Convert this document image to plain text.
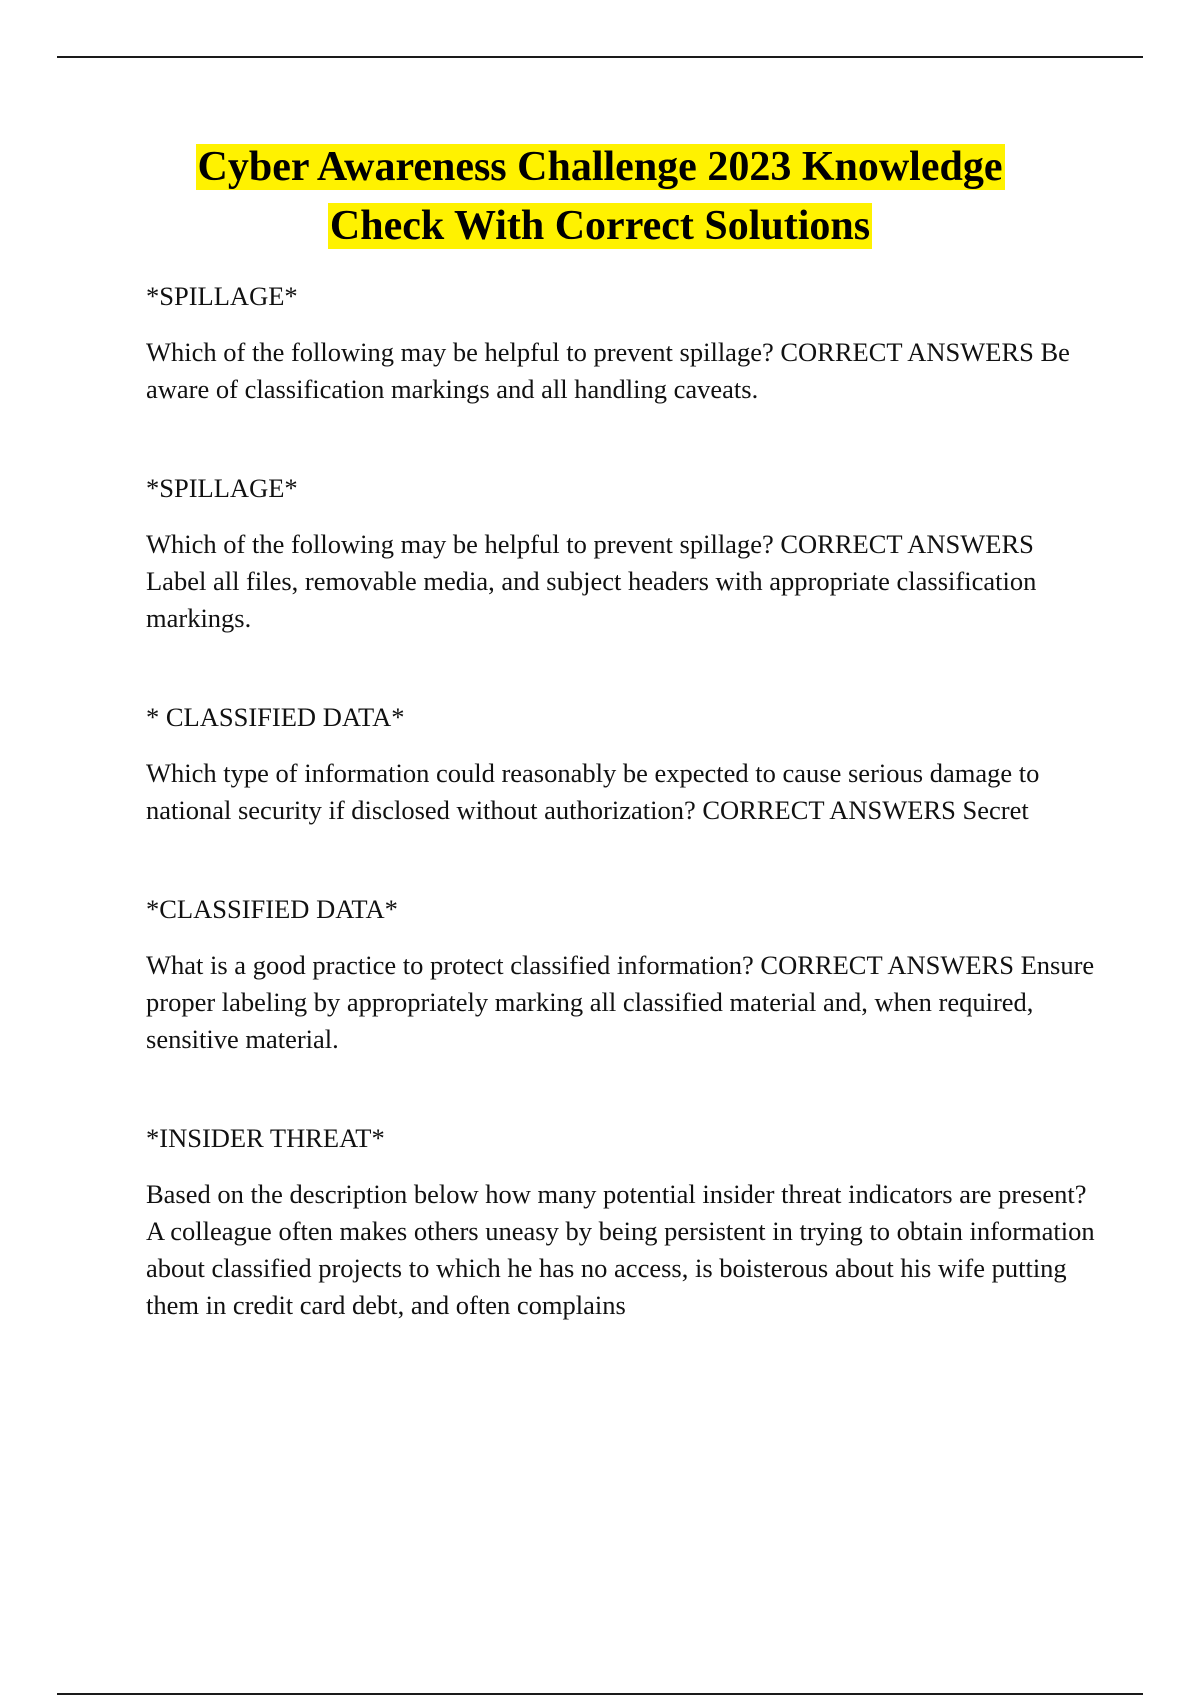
Cyber Awareness Challenge 2023 Knowledge
Check With Correct Solutions

*SPILLAGE*

Which of the following may be helpful to prevent spillage? CORRECT ANSWERS Be aware of classification markings and all handling caveats.

*SPILLAGE*

Which of the following may be helpful to prevent spillage? CORRECT ANSWERS Label all files, removable media, and subject headers with appropriate classification markings.

* CLASSIFIED DATA*

Which type of information could reasonably be expected to cause serious damage to national security if disclosed without authorization? CORRECT ANSWERS Secret

*CLASSIFIED DATA*

What is a good practice to protect classified information? CORRECT ANSWERS Ensure proper labeling by appropriately marking all classified material and, when required, sensitive material.

*INSIDER THREAT*

Based on the description below how many potential insider threat indicators are present? A colleague often makes others uneasy by being persistent in trying to obtain information about classified projects to which he has no access, is boisterous about his wife putting them in credit card debt, and often complains
